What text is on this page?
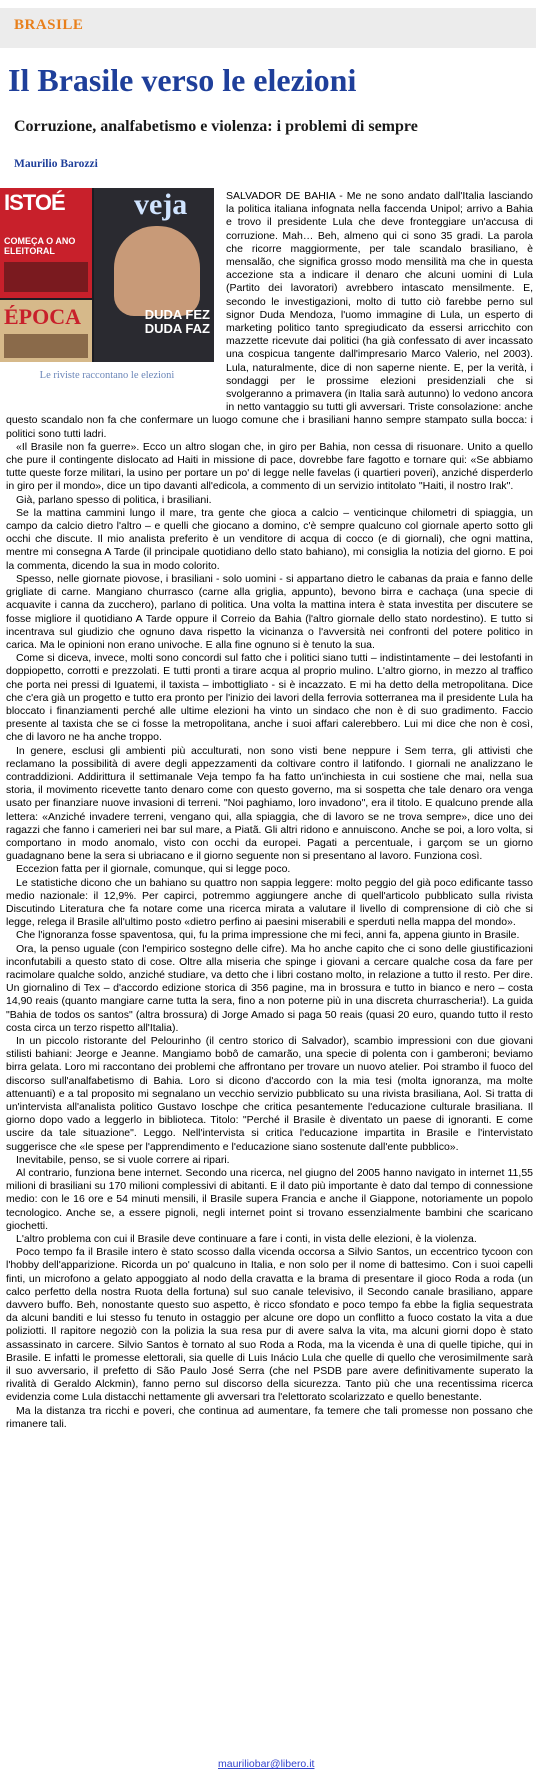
BRASILE
Il Brasile verso le elezioni
Corruzione, analfabetismo e violenza: i problemi di sempre
Maurilio Barozzi
ISTOÉ
COMEÇA O ANO ELEITORAL
ÉPOCA
veja
DUDA FEZ DUDA FAZ
Le riviste raccontano le elezioni

SALVADOR DE BAHIA - Me ne sono andato dall'Italia lasciando la politica italiana infognata nella faccenda Unipol; arrivo a Bahia e trovo il presidente Lula che deve fronteggiare un'accusa di corruzione. Mah… Beh, almeno qui ci sono 35 gradi. La parola che ricorre maggiormente, per tale scandalo brasiliano, è mensalão, che significa grosso modo mensilità ma che in questa accezione sta a indicare il denaro che alcuni uomini di Lula (Partito dei lavoratori) avrebbero intascato mensilmente. E, secondo le investigazioni, molto di tutto ciò farebbe perno sul signor Duda Mendoza, l'uomo immagine di Lula, un esperto di marketing politico tanto spregiudicato da essersi arricchito con mazzette ricevute dai politici (ha già confessato di aver incassato una cospicua tangente dall'impresario Marco Valerio, nel 2003). Lula, naturalmente, dice di non saperne niente. E, per la verità, i sondaggi per le prossime elezioni presidenziali che si svolgeranno a primavera (in Italia sarà autunno) lo vedono ancora in netto vantaggio su tutti gli avversari. Triste consolazione: anche questo scandalo non fa che confermare un luogo comune che i brasiliani hanno sempre stampato sulla bocca: i politici sono tutti ladri.

«Il Brasile non fa guerre». Ecco un altro slogan che, in giro per Bahia, non cessa di risuonare. Unito a quello che pure il contingente dislocato ad Haiti in missione di pace, dovrebbe fare fagotto e tornare qui: «Se abbiamo tutte queste forze militari, la usino per portare un po' di legge nelle favelas (i quartieri poveri), anziché disperderlo in giro per il mondo», dice un tipo davanti all'edicola, a commento di un servizio intitolato "Haiti, il nostro Irak".

Già, parlano spesso di politica, i brasiliani.

Se la mattina cammini lungo il mare, tra gente che gioca a calcio – venticinque chilometri di spiaggia, un campo da calcio dietro l'altro – e quelli che giocano a domino, c'è sempre qualcuno col giornale aperto sotto gli occhi che discute. Il mio analista preferito è un venditore di acqua di cocco (e di giornali), che ogni mattina, mentre mi consegna A Tarde (il principale quotidiano dello stato bahiano), mi consiglia la notizia del giorno. E poi la commenta, dicendo la sua in modo colorito.

Spesso, nelle giornate piovose, i brasiliani - solo uomini - si appartano dietro le cabanas da praia e fanno delle grigliate di carne. Mangiano churrasco (carne alla griglia, appunto), bevono birra e cachaça (una specie di acquavite i canna da zucchero), parlano di politica. Una volta la mattina intera è stata investita per discutere se fosse migliore il quotidiano A Tarde oppure il Correio da Bahia (l'altro giornale dello stato nordestino). E tutto si incentrava sul giudizio che ognuno dava rispetto la vicinanza o l'avversità nei confronti del potere politico in carica. Ma le opinioni non erano univoche. E alla fine ognuno si è tenuto la sua.

Come si diceva, invece, molti sono concordi sul fatto che i politici siano tutti – indistintamente – dei lestofanti in doppiopetto, corrotti e prezzolati. E tutti pronti a tirare acqua al proprio mulino. L'altro giorno, in mezzo al traffico che porta nei pressi di Iguatemi, il taxista – imbottigliato - si è incazzato. E mi ha detto della metropolitana. Dice che c'era già un progetto e tutto era pronto per l'inizio dei lavori della ferrovia sotterranea ma il presidente Lula ha bloccato i finanziamenti perché alle ultime elezioni ha vinto un sindaco che non è di suo gradimento. Faccio presente al taxista che se ci fosse la metropolitana, anche i suoi affari calerebbero. Lui mi dice che non è così, che di lavoro ne ha anche troppo.

In genere, esclusi gli ambienti più acculturati, non sono visti bene neppure i Sem terra, gli attivisti che reclamano la possibilità di avere degli appezzamenti da coltivare contro il latifondo. I giornali ne analizzano le contraddizioni. Addirittura il settimanale Veja tempo fa ha fatto un'inchiesta in cui sostiene che mai, nella sua storia, il movimento ricevette tanto denaro come con questo governo, ma si sospetta che tale denaro ora venga usato per finanziare nuove invasioni di terreni. "Noi paghiamo, loro invadono", era il titolo. E qualcuno prende alla lettera: «Anziché invadere terreni, vengano qui, alla spiaggia, che di lavoro se ne trova sempre», dice uno dei ragazzi che fanno i camerieri nei bar sul mare, a Piatã. Gli altri ridono e annuiscono. Anche se poi, a loro volta, si comportano in modo anomalo, visto con occhi da europei. Pagati a percentuale, i garçom se un giorno guadagnano bene la sera si ubriacano e il giorno seguente non si presentano al lavoro. Funziona così.

Eccezion fatta per il giornale, comunque, qui si legge poco.

Le statistiche dicono che un bahiano su quattro non sappia leggere: molto peggio del già poco edificante tasso medio nazionale: il 12,9%. Per capirci, potremmo aggiungere anche di quell'articolo pubblicato sulla rivista Discutindo Literatura che fa notare come una ricerca mirata a valutare il livello di comprensione di ciò che si legge, relega il Brasile all'ultimo posto «dietro perfino ai paesini miserabili e sperduti nella mappa del mondo».

Che l'ignoranza fosse spaventosa, qui, fu la prima impressione che mi feci, anni fa, appena giunto in Brasile.

Ora, la penso uguale (con l'empirico sostegno delle cifre). Ma ho anche capito che ci sono delle giustificazioni inconfutabili a questo stato di cose. Oltre alla miseria che spinge i giovani a cercare qualche cosa da fare per racimolare qualche soldo, anziché studiare, va detto che i libri costano molto, in relazione a tutto il resto. Per dire. Un giornalino di Tex – d'accordo edizione storica di 356 pagine, ma in brossura e tutto in bianco e nero – costa 14,90 reais (quanto mangiare carne tutta la sera, fino a non poterne più in una discreta churrascheria!). La guida "Bahia de todos os santos" (altra brossura) di Jorge Amado si paga 50 reais (quasi 20 euro, quando tutto il resto costa circa un terzo rispetto all'Italia).

In un piccolo ristorante del Pelourinho (il centro storico di Salvador), scambio impressioni con due giovani stilisti bahiani: Jeorge e Jeanne. Mangiamo bobô de camarão, una specie di polenta con i gamberoni; beviamo birra gelata. Loro mi raccontano dei problemi che affrontano per trovare un nuovo atelier. Poi strambo il fuoco del discorso sull'analfabetismo di Bahia. Loro si dicono d'accordo con la mia tesi (molta ignoranza, ma molte attenuanti) e a tal proposito mi segnalano un vecchio servizio pubblicato su una rivista brasiliana, Aol. Si tratta di un'intervista all'analista politico Gustavo Ioschpe che critica pesantemente l'educazione culturale brasiliana. Il giorno dopo vado a leggerlo in biblioteca. Titolo: "Perché il Brasile è diventato un paese di ignoranti. E come uscire da tale situazione". Leggo. Nell'intervista si critica l'educazione impartita in Brasile e l'intervistato suggerisce che «le spese per l'apprendimento e l'educazione siano sostenute dall'ente pubblico».

Inevitabile, penso, se si vuole correre ai ripari.

Al contrario, funziona bene internet. Secondo una ricerca, nel giugno del 2005 hanno navigato in internet 11,55 milioni di brasiliani su 170 milioni complessivi di abitanti. E il dato più importante è dato dal tempo di connessione medio: con le 16 ore e 54 minuti mensili, il Brasile supera Francia e anche il Giappone, notoriamente un popolo tecnologico. Anche se, a essere pignoli, negli internet point si trovano essenzialmente bambini che scaricano giochetti.

L'altro problema con cui il Brasile deve continuare a fare i conti, in vista delle elezioni, è la violenza.

Poco tempo fa il Brasile intero è stato scosso dalla vicenda occorsa a Silvio Santos, un eccentrico tycoon con l'hobby dell'apparizione. Ricorda un po' qualcuno in Italia, e non solo per il nome di battesimo. Con i suoi capelli finti, un microfono a gelato appoggiato al nodo della cravatta e la brama di presentare il gioco Roda a roda (un calco perfetto della nostra Ruota della fortuna) sul suo canale televisivo, il Secondo canale brasiliano, appare davvero buffo. Beh, nonostante questo suo aspetto, è ricco sfondato e poco tempo fa ebbe la figlia sequestrata da alcuni banditi e lui stesso fu tenuto in ostaggio per alcune ore dopo un conflitto a fuoco costato la vita a due poliziotti. Il rapitore negoziò con la polizia la sua resa pur di avere salva la vita, ma alcuni giorni dopo è stato assassinato in carcere. Silvio Santos è tornato al suo Roda a Roda, ma la vicenda è una di quelle tipiche, qui in Brasile. E infatti le promesse elettorali, sia quelle di Luis Inácio Lula che quelle di quello che verosimilmente sarà il suo avversario, il prefetto di São Paulo José Serra (che nel PSDB pare avere definitivamente superato la rivalità di Geraldo Alckmin), fanno perno sul discorso della sicurezza. Tanto più che una recentissima ricerca evidenzia come Lula distacchi nettamente gli avversari tra l'elettorato scolarizzato e quello benestante.

Ma la distanza tra ricchi e poveri, che continua ad aumentare, fa temere che tali promesse non possano che rimanere tali.

mauriliobar@libero.it
